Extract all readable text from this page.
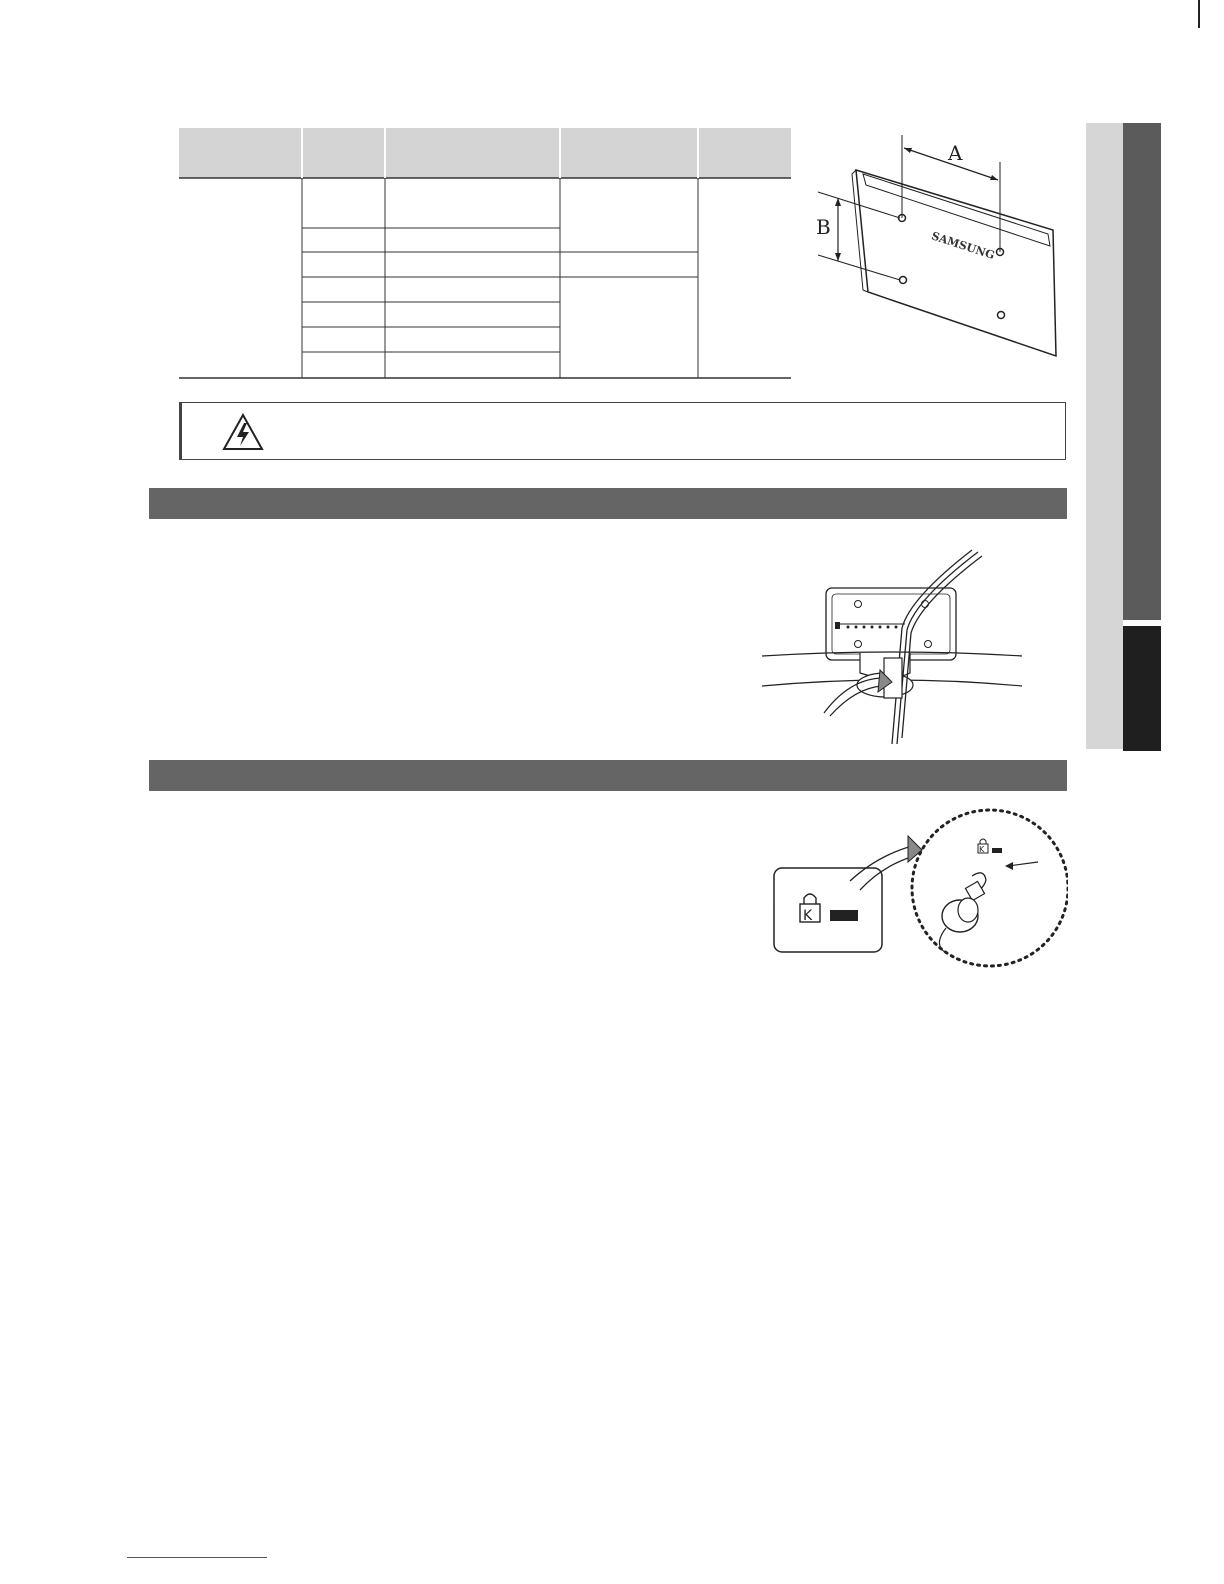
SAMSUNG
A
B
K
K
